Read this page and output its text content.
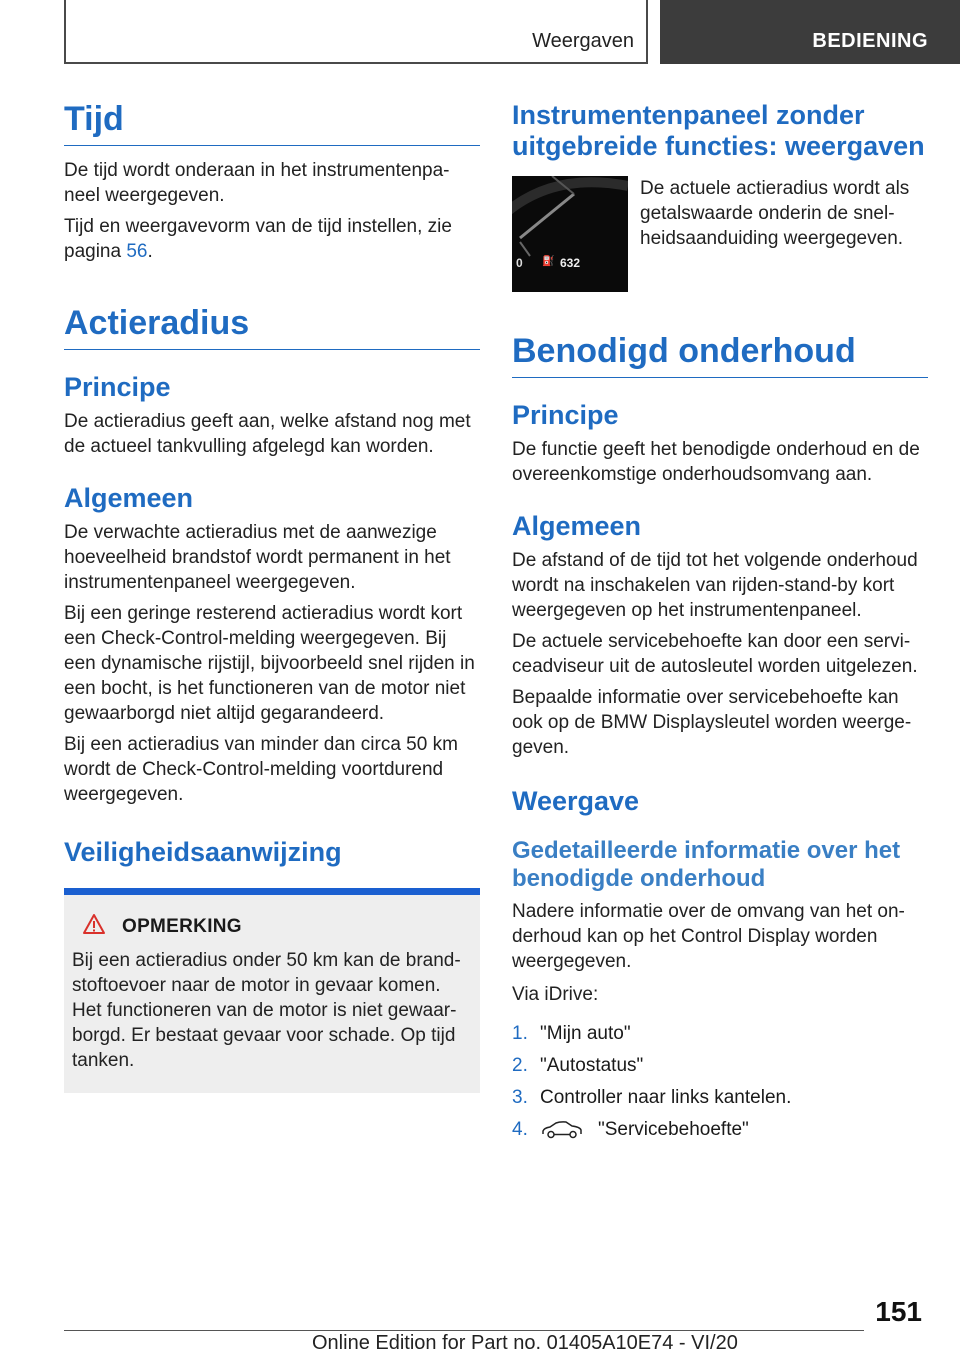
Weergaven	BEDIENING
Tijd

De tijd wordt onderaan in het instrumentenpa‐neel weergegeven.

Tijd en weergavevorm van de tijd instellen, zie pagina 56.

Actieradius
Principe

De actieradius geeft aan, welke afstand nog met de actueel tankvulling afgelegd kan worden.

Algemeen

De verwachte actieradius met de aanwezige hoeveelheid brandstof wordt permanent in het instrumentenpaneel weergegeven.

Bij een geringe resterend actieradius wordt kort een Check-Control-melding weergegeven. Bij een dynamische rijstijl, bijvoorbeeld snel rijden in een bocht, is het functioneren van de motor niet gewaarborgd niet altijd gegarandeerd.

Bij een actieradius van minder dan circa 50 km wordt de Check-Control-melding voortdurend weergegeven.

Veiligheidsaanwijzing
OPMERKING

Bij een actieradius onder 50 km kan de brand‐stoftoevoer naar de motor in gevaar komen. Het functioneren van de motor is niet gewaar‐borgd. Er bestaat gevaar voor schade. Op tijd tanken.

Instrumentenpaneel zonder uitgebreide functies: weergaven
0 ⛽ 632

De actuele actieradius wordt als getalswaarde onderin de snel‐heidsaanduiding weergegeven.

Benodigd onderhoud
Principe

De functie geeft het benodigde onderhoud en de overeenkomstige onderhoudsomvang aan.

Algemeen

De afstand of de tijd tot het volgende onderhoud wordt na inschakelen van rijden-stand-by kort weergegeven op het instrumentenpaneel.

De actuele servicebehoefte kan door een servi‐ceadviseur uit de autosleutel worden uitgelezen.

Bepaalde informatie over servicebehoefte kan ook op de BMW Displaysleutel worden weerge‐geven.

Weergave
Gedetailleerde informatie over het benodigde onderhoud

Nadere informatie over de omvang van het on‐derhoud kan op het Control Display worden weergegeven.

Via iDrive:

1. "Mijn auto"
2. "Autostatus"
3. Controller naar links kantelen.
4.	"Servicebehoefte"
151
Online Edition for Part no. 01405A10E74 - VI/20
